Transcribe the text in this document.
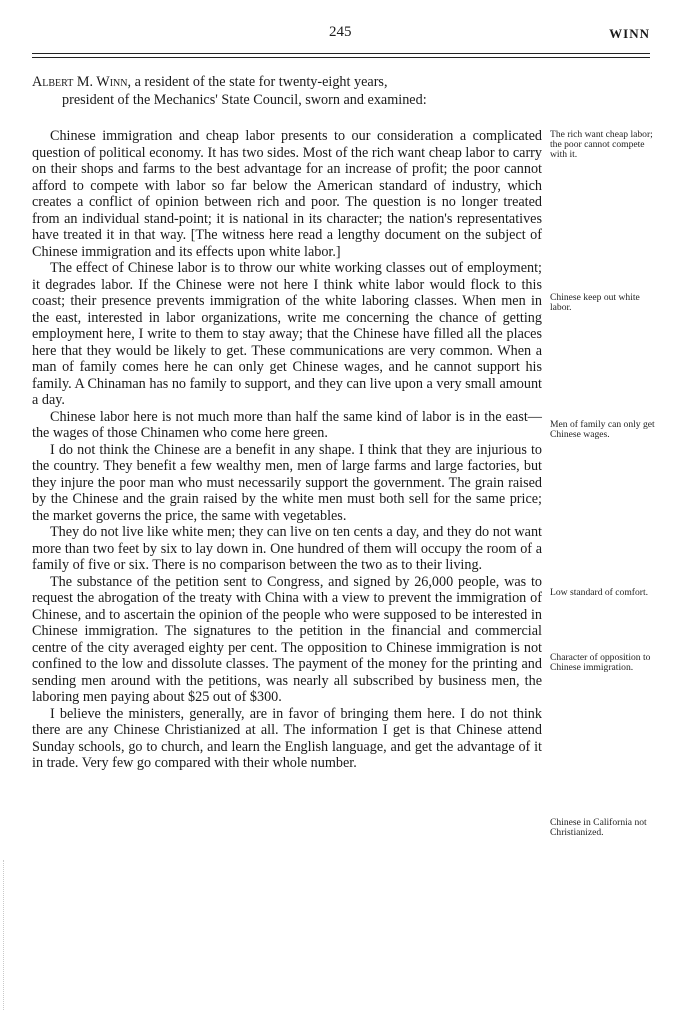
245	WINN
Albert M. Winn, a resident of the state for twenty-eight years,
president of the Mechanics' State Council, sworn and examined:

Chinese immigration and cheap labor presents to our consideration a complicated question of political economy. It has two sides. Most of the rich want cheap labor to carry on their shops and farms to the best advantage for an increase of profit; the poor cannot afford to compete with labor so far below the American standard of industry, which creates a conflict of opinion between rich and poor. The question is no longer treated from an individual stand-point; it is national in its character; the nation's representatives have treated it in that way. [The witness here read a lengthy document on the subject of Chinese immigration and its effects upon white labor.]

The effect of Chinese labor is to throw our white working classes out of employment; it degrades labor. If the Chinese were not here I think white labor would flock to this coast; their presence prevents immigration of the white laboring classes. When men in the east, interested in labor organizations, write me concerning the chance of getting employment here, I write to them to stay away; that the Chinese have filled all the places here that they would be likely to get. These communications are very common. When a man of family comes here he can only get Chinese wages, and he cannot support his family. A Chinaman has no family to support, and they can live upon a very small amount a day.

Chinese labor here is not much more than half the same kind of labor is in the east—the wages of those Chinamen who come here green.

I do not think the Chinese are a benefit in any shape. I think that they are injurious to the country. They benefit a few wealthy men, men of large farms and large factories, but they injure the poor man who must necessarily support the government. The grain raised by the Chinese and the grain raised by the white men must both sell for the same price; the market governs the price, the same with vegetables.

They do not live like white men; they can live on ten cents a day, and they do not want more than two feet by six to lay down in. One hundred of them will occupy the room of a family of five or six. There is no comparison between the two as to their living.

The substance of the petition sent to Congress, and signed by 26,000 people, was to request the abrogation of the treaty with China with a view to prevent the immigration of Chinese, and to ascertain the opinion of the people who were supposed to be interested in Chinese immigration. The signatures to the petition in the financial and commercial centre of the city averaged eighty per cent. The opposition to Chinese immigration is not confined to the low and dissolute classes. The payment of the money for the printing and sending men around with the petitions, was nearly all subscribed by business men, the laboring men paying about $25 out of $300.

I believe the ministers, generally, are in favor of bringing them here. I do not think there are any Chinese Christianized at all. The information I get is that Chinese attend Sunday schools, go to church, and learn the English language, and get the advantage of it in trade. Very few go compared with their whole number.

The rich want cheap labor; the poor cannot compete with it.
Chinese keep out white labor.
Men of family can only get Chinese wages.
Low standard of comfort.
Character of opposition to Chinese immigration.
Chinese in California not Christianized.
